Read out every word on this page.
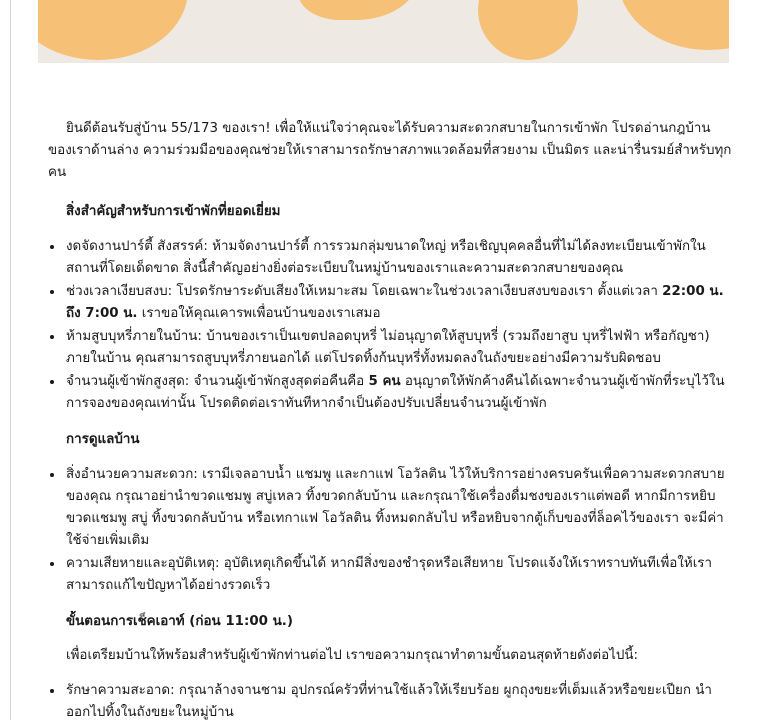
ยินดีต้อนรับสู่บ้าน 55/173 ของเรา! เพื่อให้แน่ใจว่าคุณจะได้รับความสะดวกสบายในการเข้าพัก โปรดอ่านกฎบ้านของเราด้านล่าง ความร่วมมือของคุณช่วยให้เราสามารถรักษาสภาพแวดล้อมที่สวยงาม เป็นมิตร และน่ารื่นรมย์สำหรับทุกคน

สิ่งสำคัญสำหรับการเข้าพักที่ยอดเยี่ยม
• งดจัดงานปาร์ตี้ สังสรรค์: ห้ามจัดงานปาร์ตี้ การรวมกลุ่มขนาดใหญ่ หรือเชิญบุคคลอื่นที่ไม่ได้ลงทะเบียนเข้าพักในสถานที่โดยเด็ดขาด สิ่งนี้สำคัญอย่างยิ่งต่อระเบียบในหมู่บ้านของเราและความสะดวกสบายของคุณ
• ช่วงเวลาเงียบสงบ: โปรดรักษาระดับเสียงให้เหมาะสม โดยเฉพาะในช่วงเวลาเงียบสงบของเรา ตั้งแต่เวลา 22:00 น. ถึง 7:00 น. เราขอให้คุณเคารพเพื่อนบ้านของเราเสมอ
• ห้ามสูบบุหรี่ภายในบ้าน: บ้านของเราเป็นเขตปลอดบุหรี่ ไม่อนุญาตให้สูบบุหรี่ (รวมถึงยาสูบ บุหรี่ไฟฟ้า หรือกัญชา) ภายในบ้าน คุณสามารถสูบบุหรี่ภายนอกได้ แต่โปรดทิ้งก้นบุหรี่ทั้งหมดลงในถังขยะอย่างมีความรับผิดชอบ
• จำนวนผู้เข้าพักสูงสุด: จำนวนผู้เข้าพักสูงสุดต่อคืนคือ 5 คน อนุญาตให้พักค้างคืนได้เฉพาะจำนวนผู้เข้าพักที่ระบุไว้ในการจองของคุณเท่านั้น โปรดติดต่อเราทันทีหากจำเป็นต้องปรับเปลี่ยนจำนวนผู้เข้าพัก
การดูแลบ้าน
• สิ่งอำนวยความสะดวก: เรามีเจลอาบน้ำ แชมพู และกาแฟ โอวัลติน ไว้ให้บริการอย่างครบครันเพื่อความสะดวกสบายของคุณ กรุณาอย่านำขวดแชมพู สบู่เหลว ทิ้งขวดกลับบ้าน และกรุณาใช้เครื่องดื่มชงของเราแต่พอดี หากมีการหยิบขวดแชมพู สบู่ ทิ้งขวดกลับบ้าน หรือเทกาแฟ โอวัลติน ทิ้งหมดกลับไป หรือหยิบจากตู้เก็บของที่ล็อคไว้ของเรา จะมีค่าใช้จ่ายเพิ่มเติม
• ความเสียหายและอุบัติเหตุ: อุบัติเหตุเกิดขึ้นได้ หากมีสิ่งของชำรุดหรือเสียหาย โปรดแจ้งให้เราทราบทันทีเพื่อให้เราสามารถแก้ไขปัญหาได้อย่างรวดเร็ว
ขั้นตอนการเช็คเอาท์ (ก่อน 11:00 น.)
เพื่อเตรียมบ้านให้พร้อมสำหรับผู้เข้าพักท่านต่อไป เราขอความกรุณาทำตามขั้นตอนสุดท้ายดังต่อไปนี้:
• รักษาความสะอาด: กรุณาล้างจานชาม อุปกรณ์ครัวที่ท่านใช้แล้วให้เรียบร้อย ผูกถุงขยะที่เต็มแล้วหรือขยะเปียก นำออกไปทิ้งในถังขยะในหมู่บ้าน
